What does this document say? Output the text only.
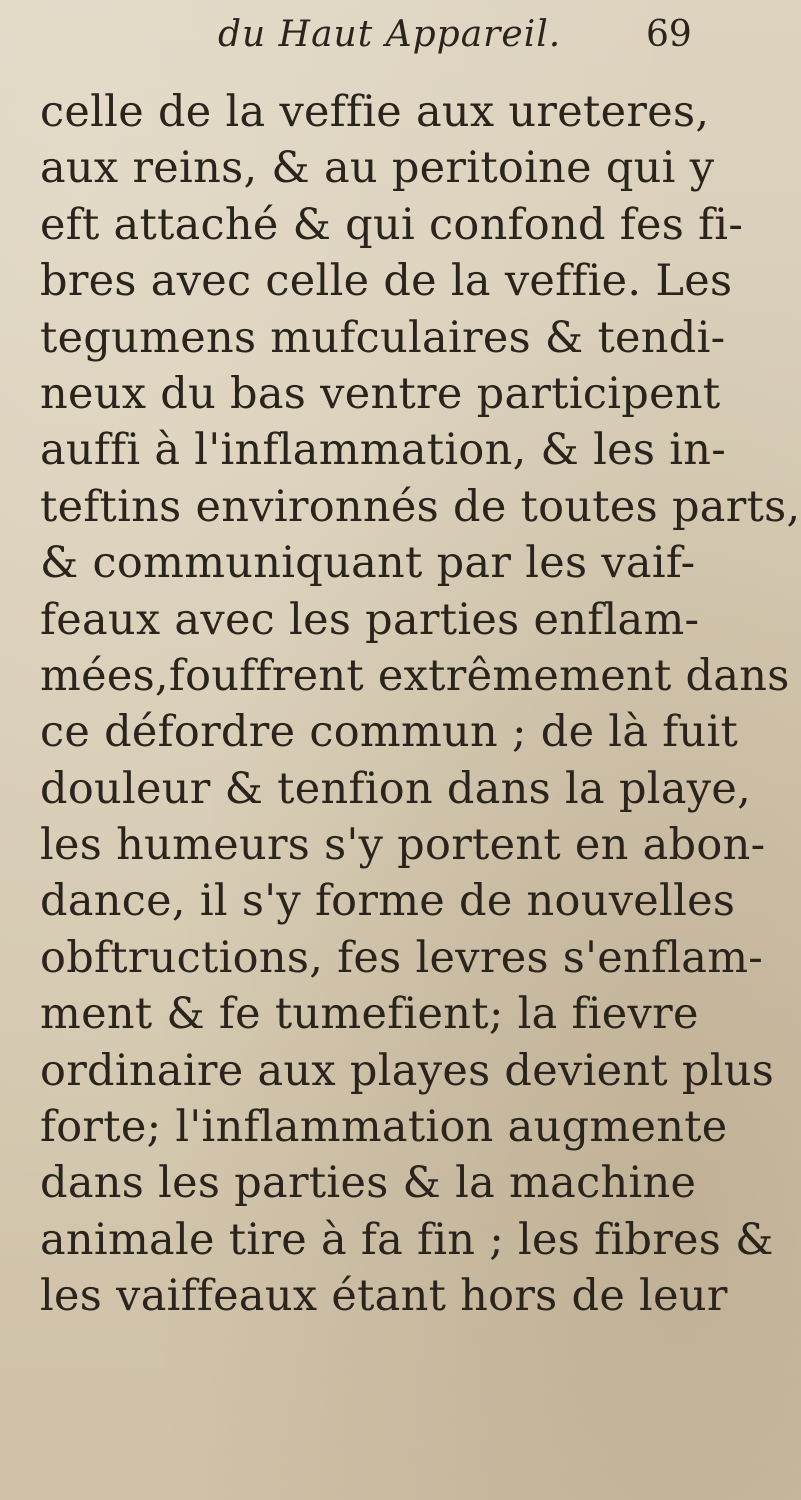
du Haut Appareil. 69
celle de la veffie aux ureteres,
aux reins, & au peritoine qui y
eft attaché & qui confond fes fi-
bres avec celle de la veffie. Les
tegumens mufculaires & tendi-
neux du bas ventre participent
auffi à l'inflammation, & les in-
teftins environnés de toutes parts,
& communiquant par les vaif-
feaux avec les parties enflam-
mées,fouffrent extrêmement dans
ce défordre commun ; de là fuit
douleur & tenfion dans la playe,
les humeurs s'y portent en abon-
dance, il s'y forme de nouvelles
obftructions, fes levres s'enflam-
ment & fe tumefient; la fievre
ordinaire aux playes devient plus
forte; l'inflammation augmente
dans les parties & la machine
animale tire à fa fin ; les fibres &
les vaiffeaux étant hors de leur
